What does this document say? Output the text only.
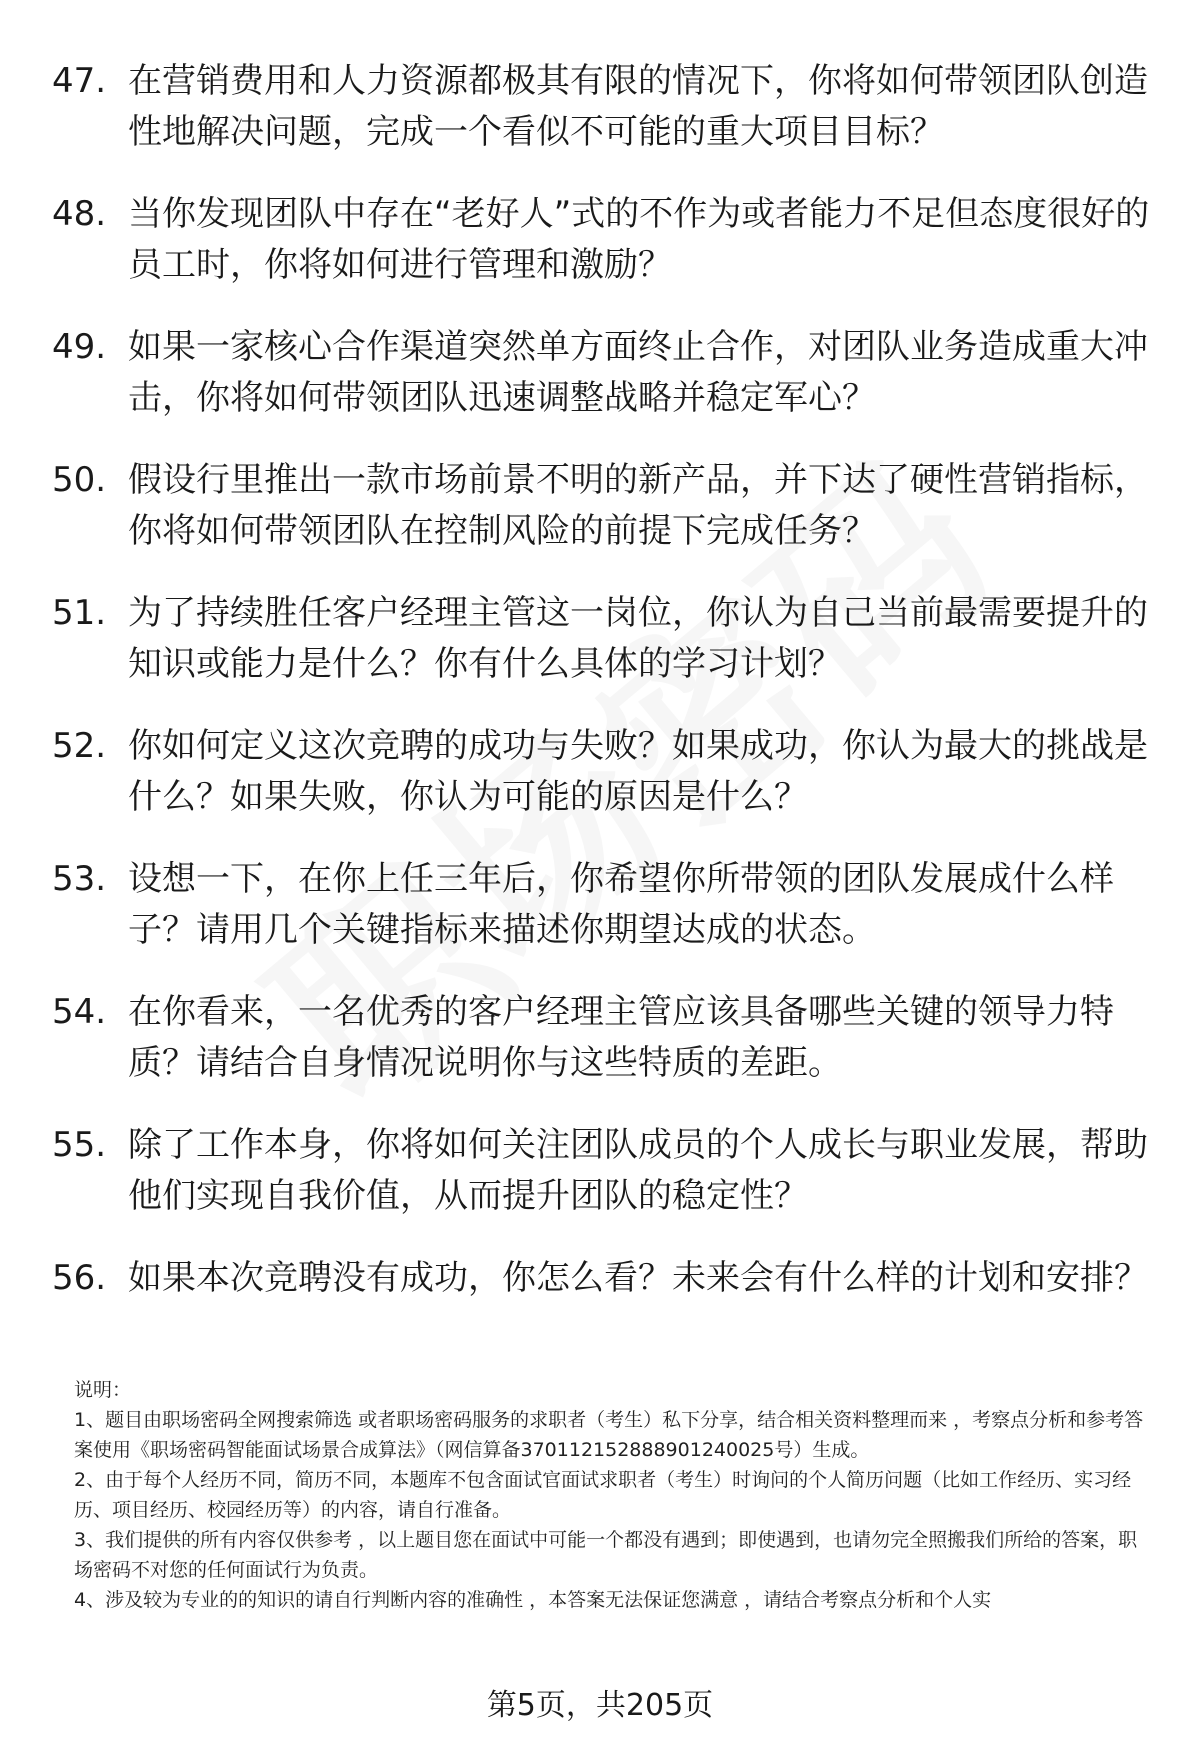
47. 在营销费用和人力资源都极其有限的情况下，你将如何带领团队创造性地解决问题，完成一个看似不可能的重大项目目标？
48. 当你发现团队中存在“老好人”式的不作为或者能力不足但态度很好的员工时，你将如何进行管理和激励？
49. 如果一家核心合作渠道突然单方面终止合作，对团队业务造成重大冲击，你将如何带领团队迅速调整战略并稳定军心？
50. 假设行里推出一款市场前景不明的新产品，并下达了硬性营销指标，你将如何带领团队在控制风险的前提下完成任务？
51. 为了持续胜任客户经理主管这一岗位，你认为自己当前最需要提升的知识或能力是什么？你有什么具体的学习计划？
52. 你如何定义这次竞聘的成功与失败？如果成功，你认为最大的挑战是什么？如果失败，你认为可能的原因是什么？
53. 设想一下，在你上任三年后，你希望你所带领的团队发展成什么样子？请用几个关键指标来描述你期望达成的状态。
54. 在你看来，一名优秀的客户经理主管应该具备哪些关键的领导力特质？请结合自身情况说明你与这些特质的差距。
55. 除了工作本身，你将如何关注团队成员的个人成长与职业发展，帮助他们实现自我价值，从而提升团队的稳定性？
56. 如果本次竞聘没有成功，你怎么看？未来会有什么样的计划和安排？

说明：

1、题目由职场密码全网搜索筛选 或者职场密码服务的求职者（考生）私下分享，结合相关资料整理而来 ，考察点分析和参考答案使用《职场密码智能面试场景合成算法》（网信算备370112152888901240025号）生成。

2、由于每个人经历不同，简历不同，本题库不包含面试官面试求职者（考生）时询问的个人简历问题（比如工作经历、实习经历、项目经历、校园经历等）的内容，请自行准备。

3、我们提供的所有内容仅供参考 ，以上题目您在面试中可能一个都没有遇到；即使遇到，也请勿完全照搬我们所给的答案，职场密码不对您的任何面试行为负责。

4、涉及较为专业的的知识的请自行判断内容的准确性 ，本答案无法保证您满意 ，请结合考察点分析和个人实

第5页，共205页
